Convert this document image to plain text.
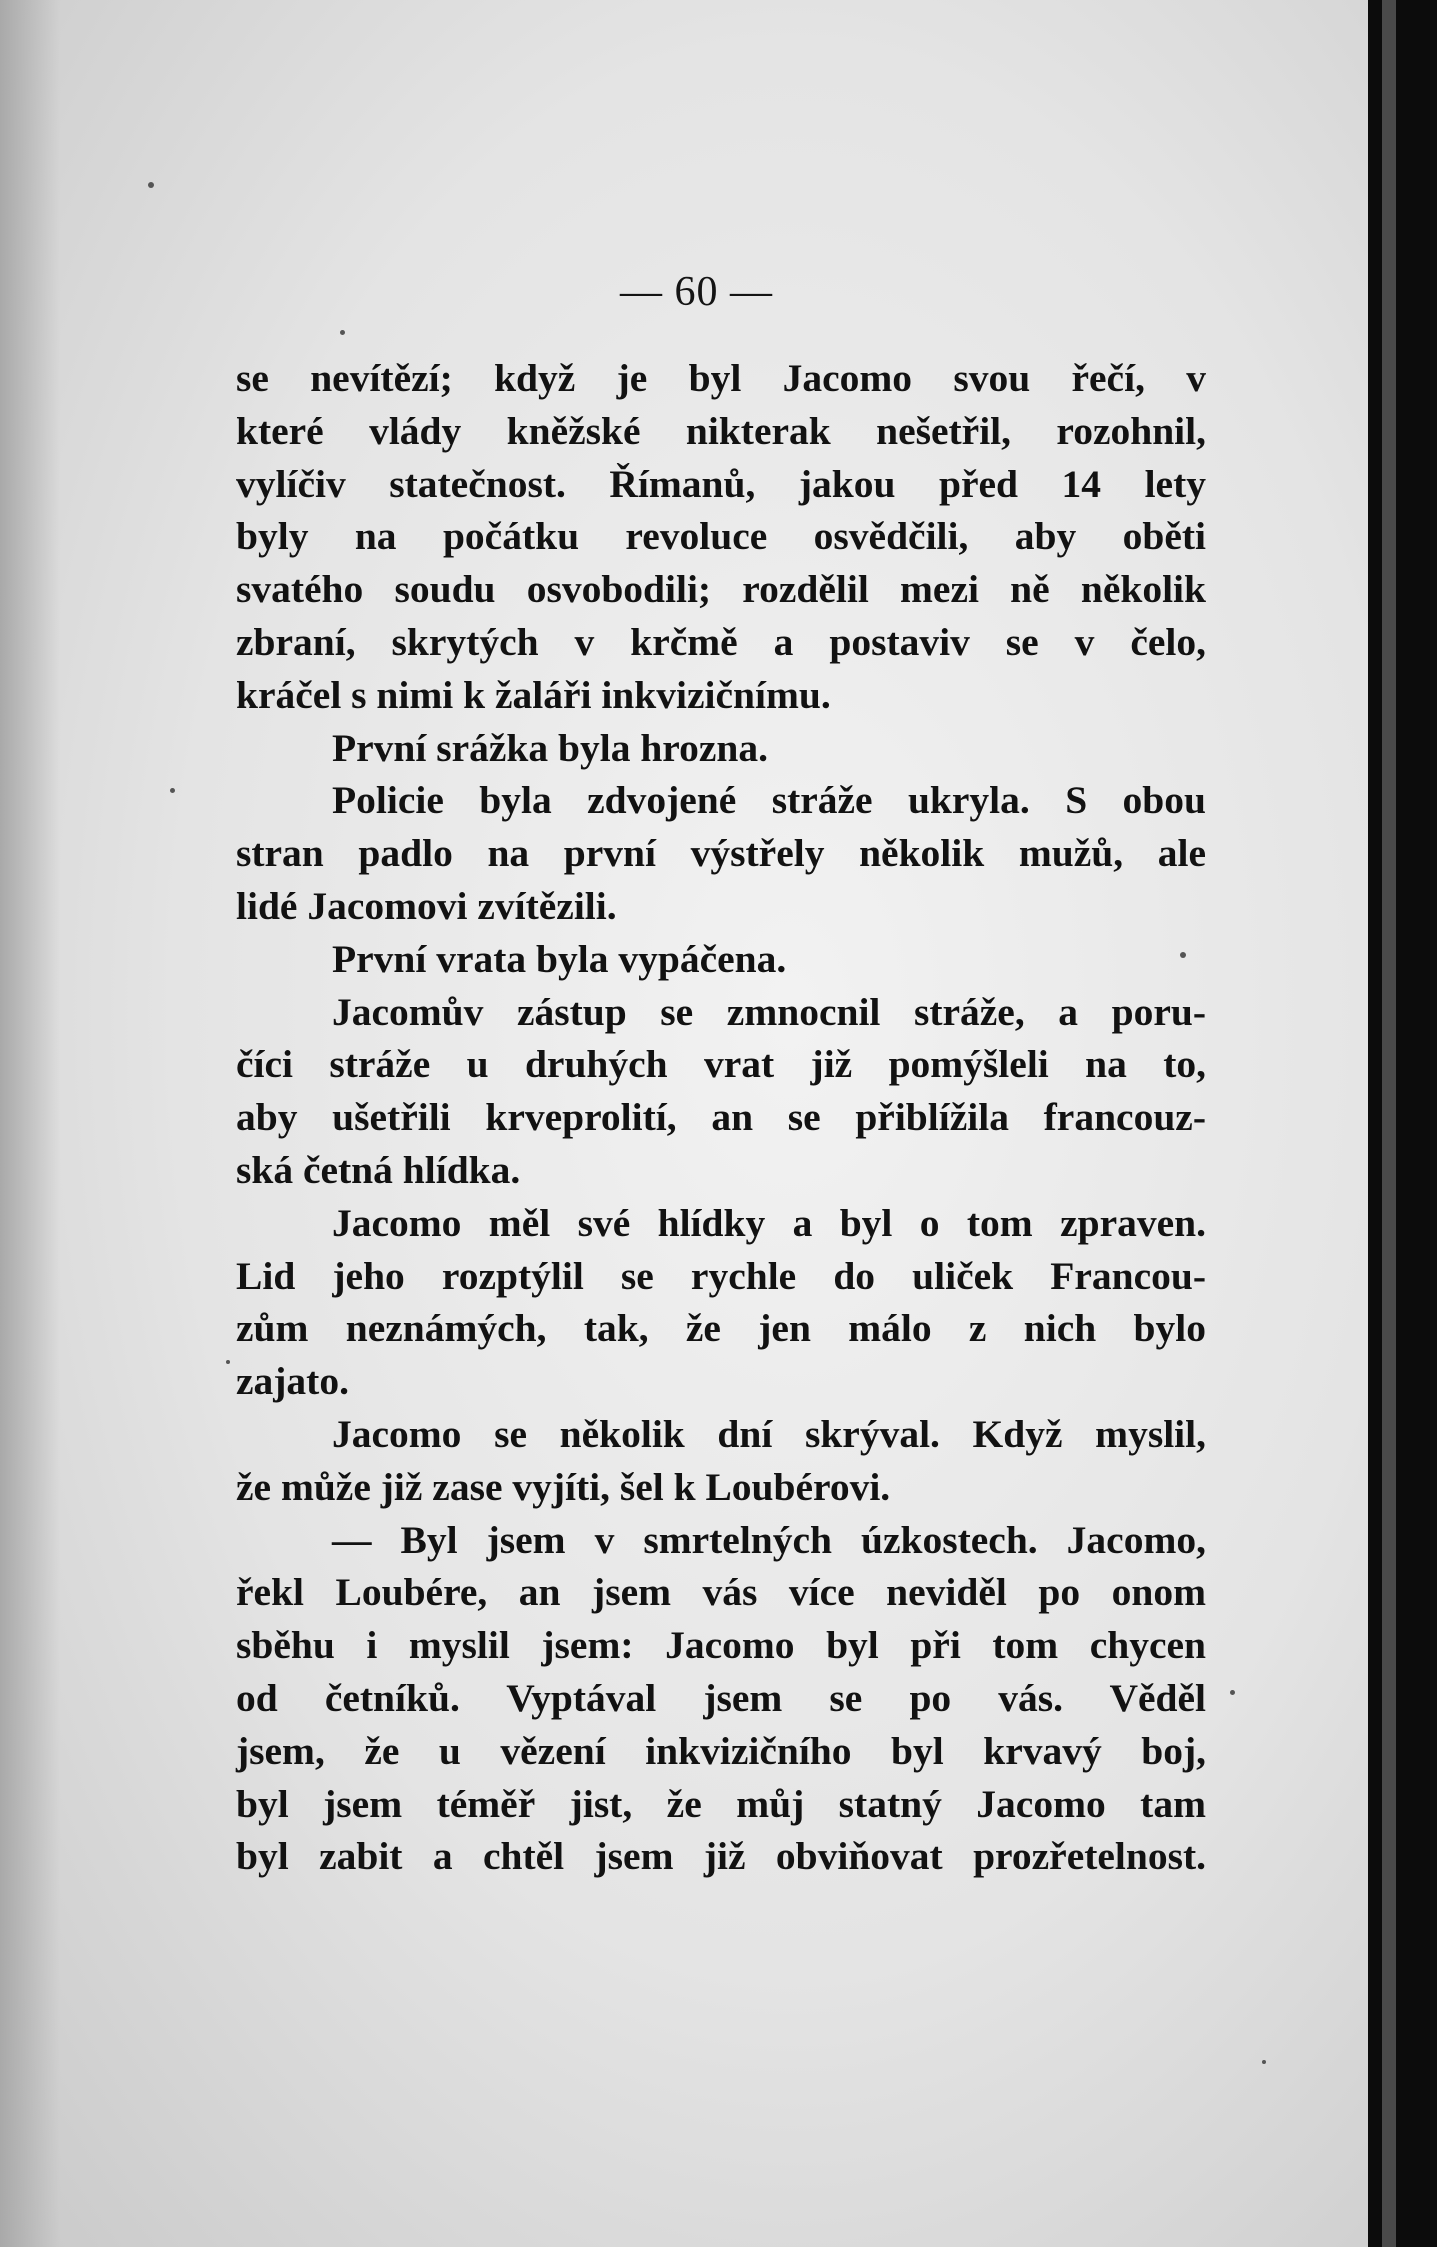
— 60 —
se nevítězí; když je byl Jacomo svou řečí, v
které vlády kněžské nikterak nešetřil, rozohnil,
vylíčiv statečnost. Římanů, jakou před 14 lety
byly na počátku revoluce osvědčili, aby oběti
svatého soudu osvobodili; rozdělil mezi ně několik
zbraní, skrytých v krčmě a postaviv se v čelo,
kráčel s nimi k žaláři inkvizičnímu.
První srážka byla hrozna.
Policie byla zdvojené stráže ukryla. S obou
stran padlo na první výstřely několik mužů, ale
lidé Jacomovi zvítězili.
První vrata byla vypáčena.
Jacomův zástup se zmnocnil stráže, a poru-
číci stráže u druhých vrat již pomýšleli na to,
aby ušetřili krveprolití, an se přiblížila francouz-
ská četná hlídka.
Jacomo měl své hlídky a byl o tom zpraven.
Lid jeho rozptýlil se rychle do uliček Francou-
zům neznámých, tak, že jen málo z nich bylo
zajato.
Jacomo se několik dní skrýval. Když myslil,
že může již zase vyjíti, šel k Loubérovi.
— Byl jsem v smrtelných úzkostech. Jacomo,
řekl Loubére, an jsem vás více neviděl po onom
sběhu i myslil jsem: Jacomo byl při tom chycen
od četníků. Vyptával jsem se po vás. Věděl
jsem, že u vězení inkvizičního byl krvavý boj,
byl jsem téměř jist, že můj statný Jacomo tam
byl zabit a chtěl jsem již obviňovat prozřetelnost.
